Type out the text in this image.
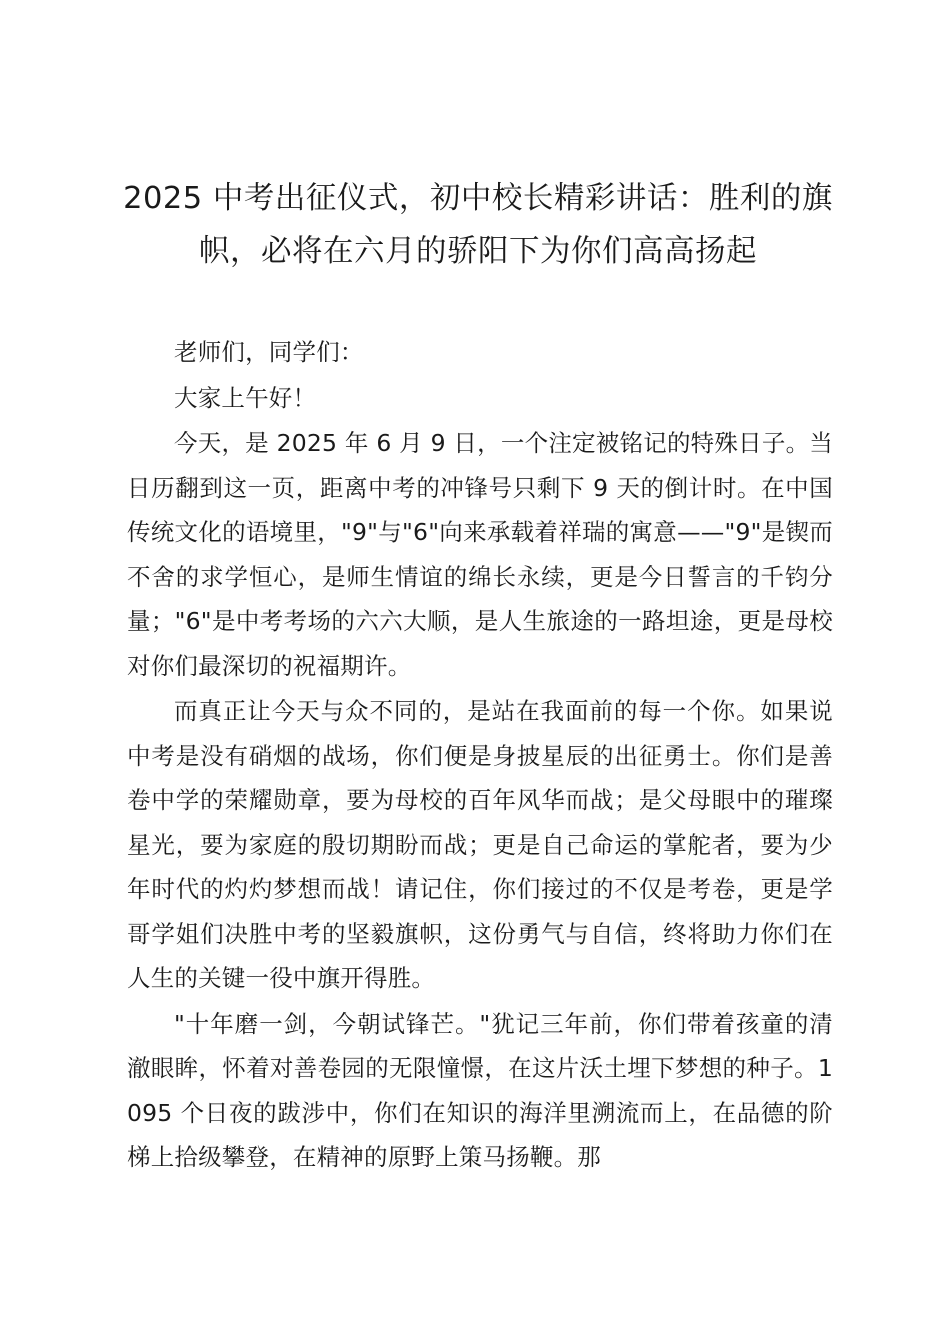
2025 中考出征仪式，初中校长精彩讲话：胜利的旗帜，必将在六月的骄阳下为你们高高扬起

老师们，同学们：

大家上午好！

今天，是 2025 年 6 月 9 日，一个注定被铭记的特殊日子。当日历翻到这一页，距离中考的冲锋号只剩下 9 天的倒计时。在中国传统文化的语境里，"9"与"6"向来承载着祥瑞的寓意——"9"是锲而不舍的求学恒心，是师生情谊的绵长永续，更是今日誓言的千钧分量；"6"是中考考场的六六大顺，是人生旅途的一路坦途，更是母校对你们最深切的祝福期许。

而真正让今天与众不同的，是站在我面前的每一个你。如果说中考是没有硝烟的战场，你们便是身披星辰的出征勇士。你们是善卷中学的荣耀勋章，要为母校的百年风华而战；是父母眼中的璀璨星光，要为家庭的殷切期盼而战；更是自己命运的掌舵者，要为少年时代的灼灼梦想而战！请记住，你们接过的不仅是考卷，更是学哥学姐们决胜中考的坚毅旗帜，这份勇气与自信，终将助力你们在人生的关键一役中旗开得胜。

"十年磨一剑，今朝试锋芒。"犹记三年前，你们带着孩童的清澈眼眸，怀着对善卷园的无限憧憬，在这片沃土埋下梦想的种子。1095 个日夜的跋涉中，你们在知识的海洋里溯流而上，在品德的阶梯上拾级攀登，在精神的原野上策马扬鞭。那
